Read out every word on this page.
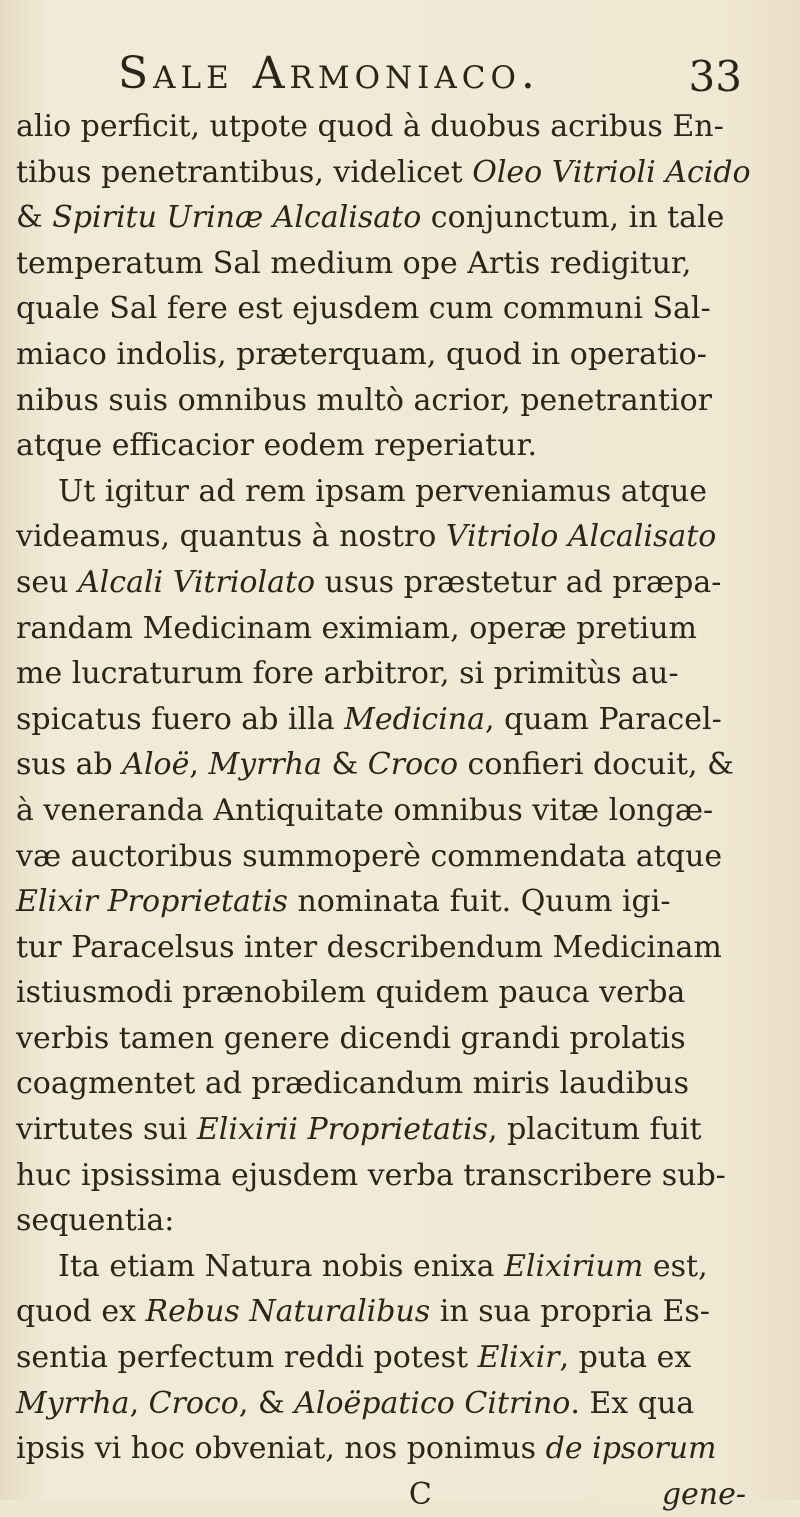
Sale Armoniaco.	33
alio perficit, utpote quod à duobus acribus En-
tibus penetrantibus, videlicet Oleo Vitrioli Acido
& Spiritu Urinæ Alcalisato conjunctum, in tale
temperatum Sal medium ope Artis redigitur,
quale Sal fere est ejusdem cum communi Sal-
miaco indolis, præterquam, quod in operatio-
nibus suis omnibus multò acrior, penetrantior
atque efficacior eodem reperiatur.
Ut igitur ad rem ipsam perveniamus atque
videamus, quantus à nostro Vitriolo Alcalisato
seu Alcali Vitriolato usus præstetur ad præpa-
randam Medicinam eximiam, operæ pretium
me lucraturum fore arbitror, si primitùs au-
spicatus fuero ab illa Medicina, quam Paracel-
sus ab Aloë, Myrrha & Croco confieri docuit, &
à veneranda Antiquitate omnibus vitæ longæ-
væ auctoribus summoperè commendata atque
Elixir Proprietatis nominata fuit. Quum igi-
tur Paracelsus inter describendum Medicinam
istiusmodi prænobilem quidem pauca verba
verbis tamen genere dicendi grandi prolatis
coagmentet ad prædicandum miris laudibus
virtutes sui Elixirii Proprietatis, placitum fuit
huc ipsissima ejusdem verba transcribere sub-
sequentia:
Ita etiam Natura nobis enixa Elixirium est,
quod ex Rebus Naturalibus in sua propria Es-
sentia perfectum reddi potest Elixir, puta ex
Myrrha, Croco, & Aloëpatico Citrino. Ex qua
ipsis vi hoc obveniat, nos ponimus de ipsorum
C	gene-
